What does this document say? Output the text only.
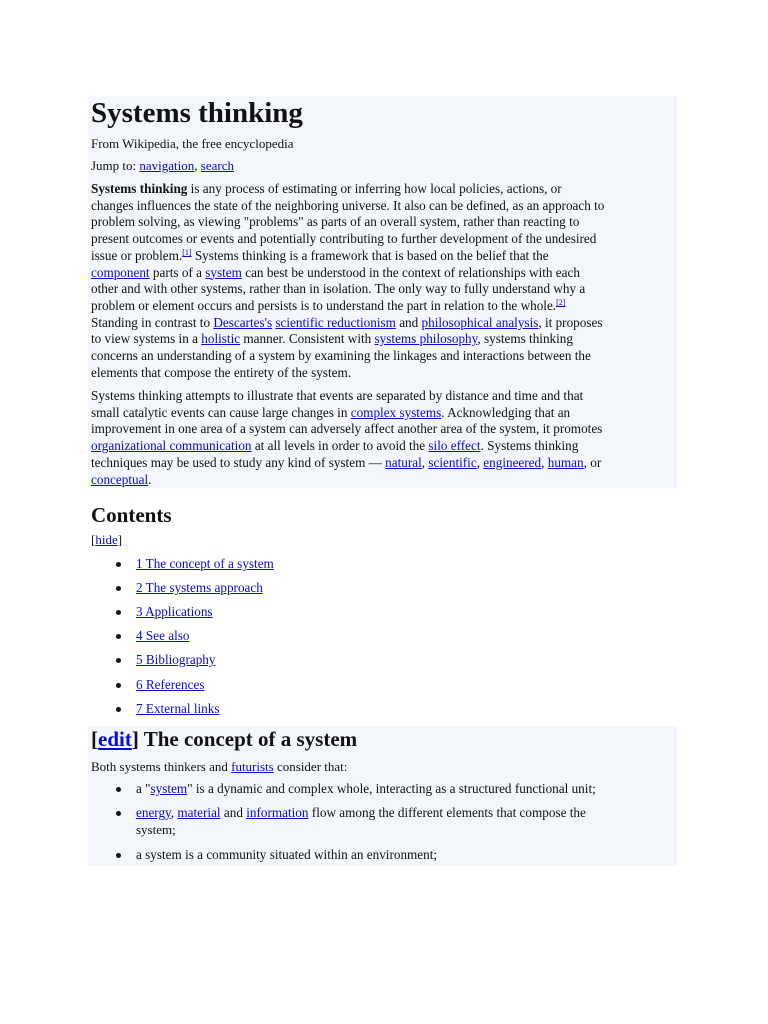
Systems thinking
From Wikipedia, the free encyclopedia
Jump to: navigation, search
Systems thinking is any process of estimating or inferring how local policies, actions, or
changes influences the state of the neighboring universe. It also can be defined, as an approach to
problem solving, as viewing "problems" as parts of an overall system, rather than reacting to
present outcomes or events and potentially contributing to further development of the undesired
issue or problem.[1] Systems thinking is a framework that is based on the belief that the
component parts of a system can best be understood in the context of relationships with each
other and with other systems, rather than in isolation. The only way to fully understand why a
problem or element occurs and persists is to understand the part in relation to the whole.[2]
Standing in contrast to Descartes's scientific reductionism and philosophical analysis, it proposes
to view systems in a holistic manner. Consistent with systems philosophy, systems thinking
concerns an understanding of a system by examining the linkages and interactions between the
elements that compose the entirety of the system.
Systems thinking attempts to illustrate that events are separated by distance and time and that
small catalytic events can cause large changes in complex systems. Acknowledging that an
improvement in one area of a system can adversely affect another area of the system, it promotes
organizational communication at all levels in order to avoid the silo effect. Systems thinking
techniques may be used to study any kind of system — natural, scientific, engineered, human, or
conceptual.
Contents
[hide]
1 The concept of a system
2 The systems approach
3 Applications
4 See also
5 Bibliography
6 References
7 External links
[edit] The concept of a system
Both systems thinkers and futurists consider that:
a "system" is a dynamic and complex whole, interacting as a structured functional unit;
energy, material and information flow among the different elements that compose the
system;
a system is a community situated within an environment;
